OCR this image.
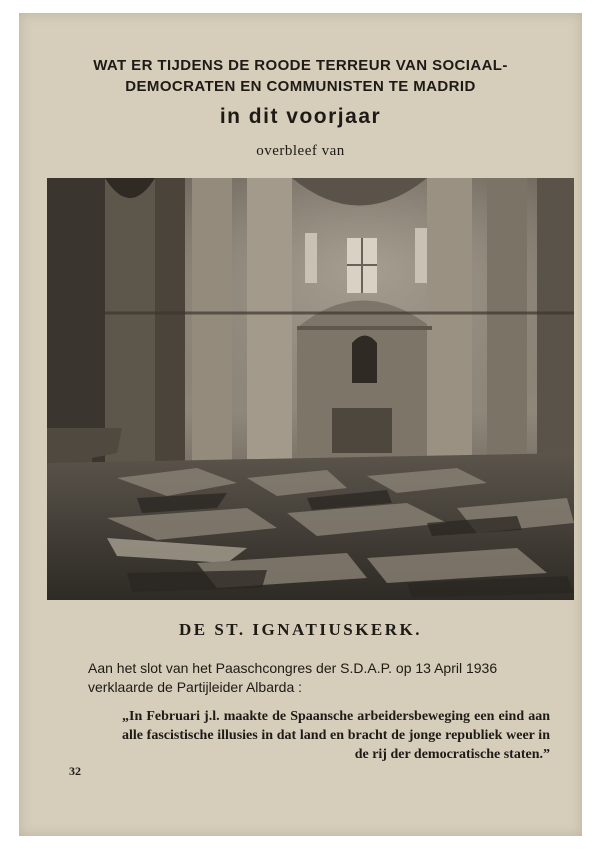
WAT ER TIJDENS DE ROODE TERREUR VAN SOCIAAL-DEMOCRATEN EN COMMUNISTEN TE MADRID
in dit voorjaar
overbleef van
DE ST. IGNATIUSKERK.
Aan het slot van het Paaschcongres der S.D.A.P. op 13 April 1936 verklaarde de Partijleider Albarda :
„In Februari j.l. maakte de Spaansche arbeidersbeweging een eind aan alle fascistische illusies in dat land en bracht de jonge republiek weer in de rij der democratische staten.”
32
